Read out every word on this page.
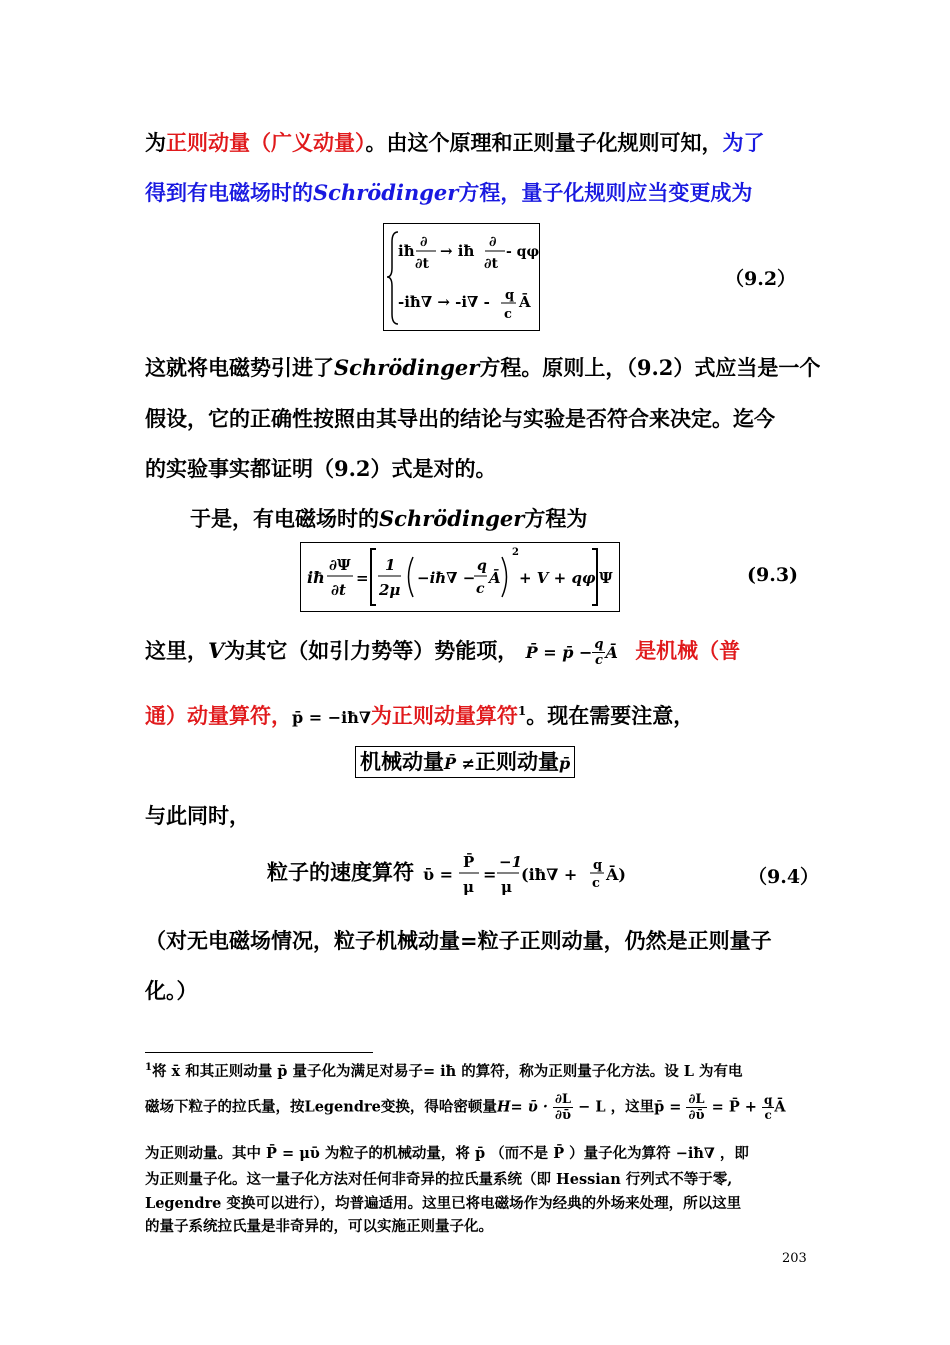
为正则动量（广义动量）。由这个原理和正则量子化规则可知，为了
得到有电磁场时的Schrödinger方程，量子化规则应当变更成为
iħ ∂
∂t
→ iħ ∂
∂t
- qφ
-iħ∇ → -i∇ - q
c
Ā
（9.2）
这就将电磁势引进了Schrödinger方程。原则上，（9.2）式应当是一个
假设，它的正确性按照由其导出的结论与实验是否符合来决定。迄今
的实验事实都证明（9.2）式是对的。
于是，有电磁场时的Schrödinger方程为
iħ
∂Ψ
∂t
=
1
2μ
−iħ∇ −
q
c
Ā
2
+ V + qφ Ψ	(9.3)
这里，V为其它（如引力势等）势能项， P̄ = p̄ − $\frac{q}{c}$ Ā 是机械（普
通）动量算符，p̄ = −iħ∇为正则动量算符$^1$。现在需要注意，
机械动量P̄ ≠正则动量p̄
与此同时，
粒子的速度算符 ῡ =
P̄
μ
=
−1
μ
(iħ∇ + q
c Ā)	（9.4）
（对无电磁场情况，粒子机械动量=粒子正则动量，仍然是正则量子
化。）
$^1$将 x̄ 和其正则动量 p̄ 量子化为满足对易子= iħ 的算符，称为正则量子化方法。设 L 为有电
磁场下粒子的拉氏量，按Legendre变换，得哈密顿量H= ῡ · $\frac{\partial L}{\text{∂ῡ}} - L$ ，这里p̄ = $\frac{\partial L}{\text{∂ῡ}}$ = P̄ + $\frac{q}{c}$ Ā
为正则动量。其中 P̄ = μῡ 为粒子的机械动量，将 p̄ （而不是 P̄ ）量子化为算符 −iħ∇ ，即
为正则量子化。这一量子化方法对任何非奇异的拉氏量系统（即 Hessian 行列式不等于零,
Legendre 变换可以进行），均普遍适用。这里已将电磁场作为经典的外场来处理，所以这里
的量子系统拉氏量是非奇异的，可以实施正则量子化。
203
